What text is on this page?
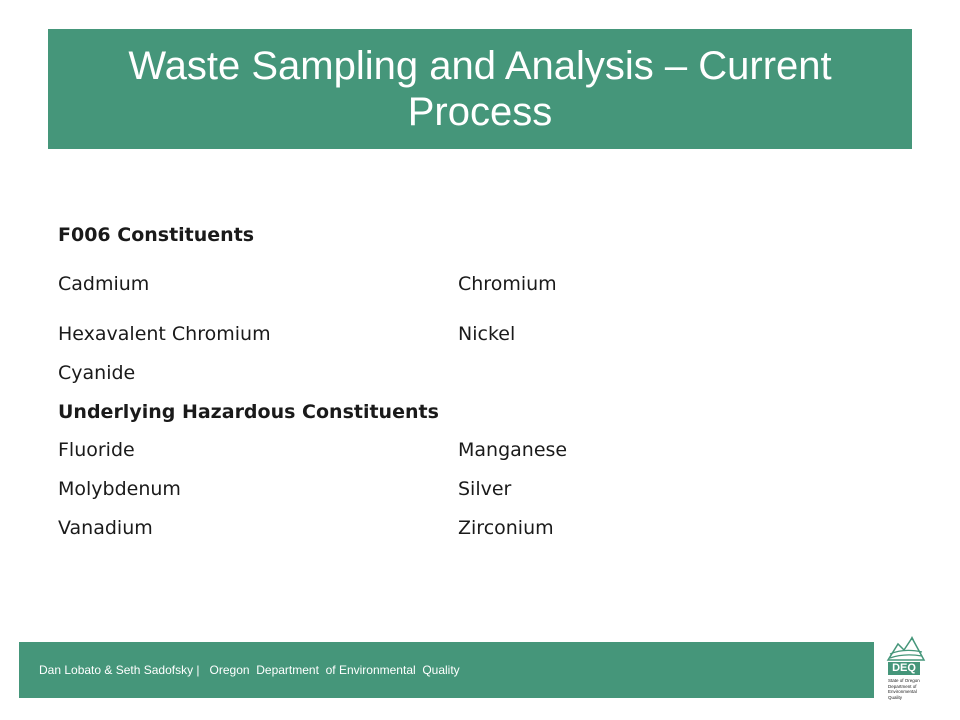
Waste Sampling and Analysis – Current Process
F006 Constituents
Cadmium	Chromium
Hexavalent Chromium	Nickel
Cyanide
Underlying Hazardous Constituents
Fluoride	Manganese
Molybdenum	Silver
Vanadium	Zirconium
Dan Lobato & Seth Sadofsky |   Oregon  Department  of Environmental  Quality	DEQ
State of Oregon Department of Environmental Quality
